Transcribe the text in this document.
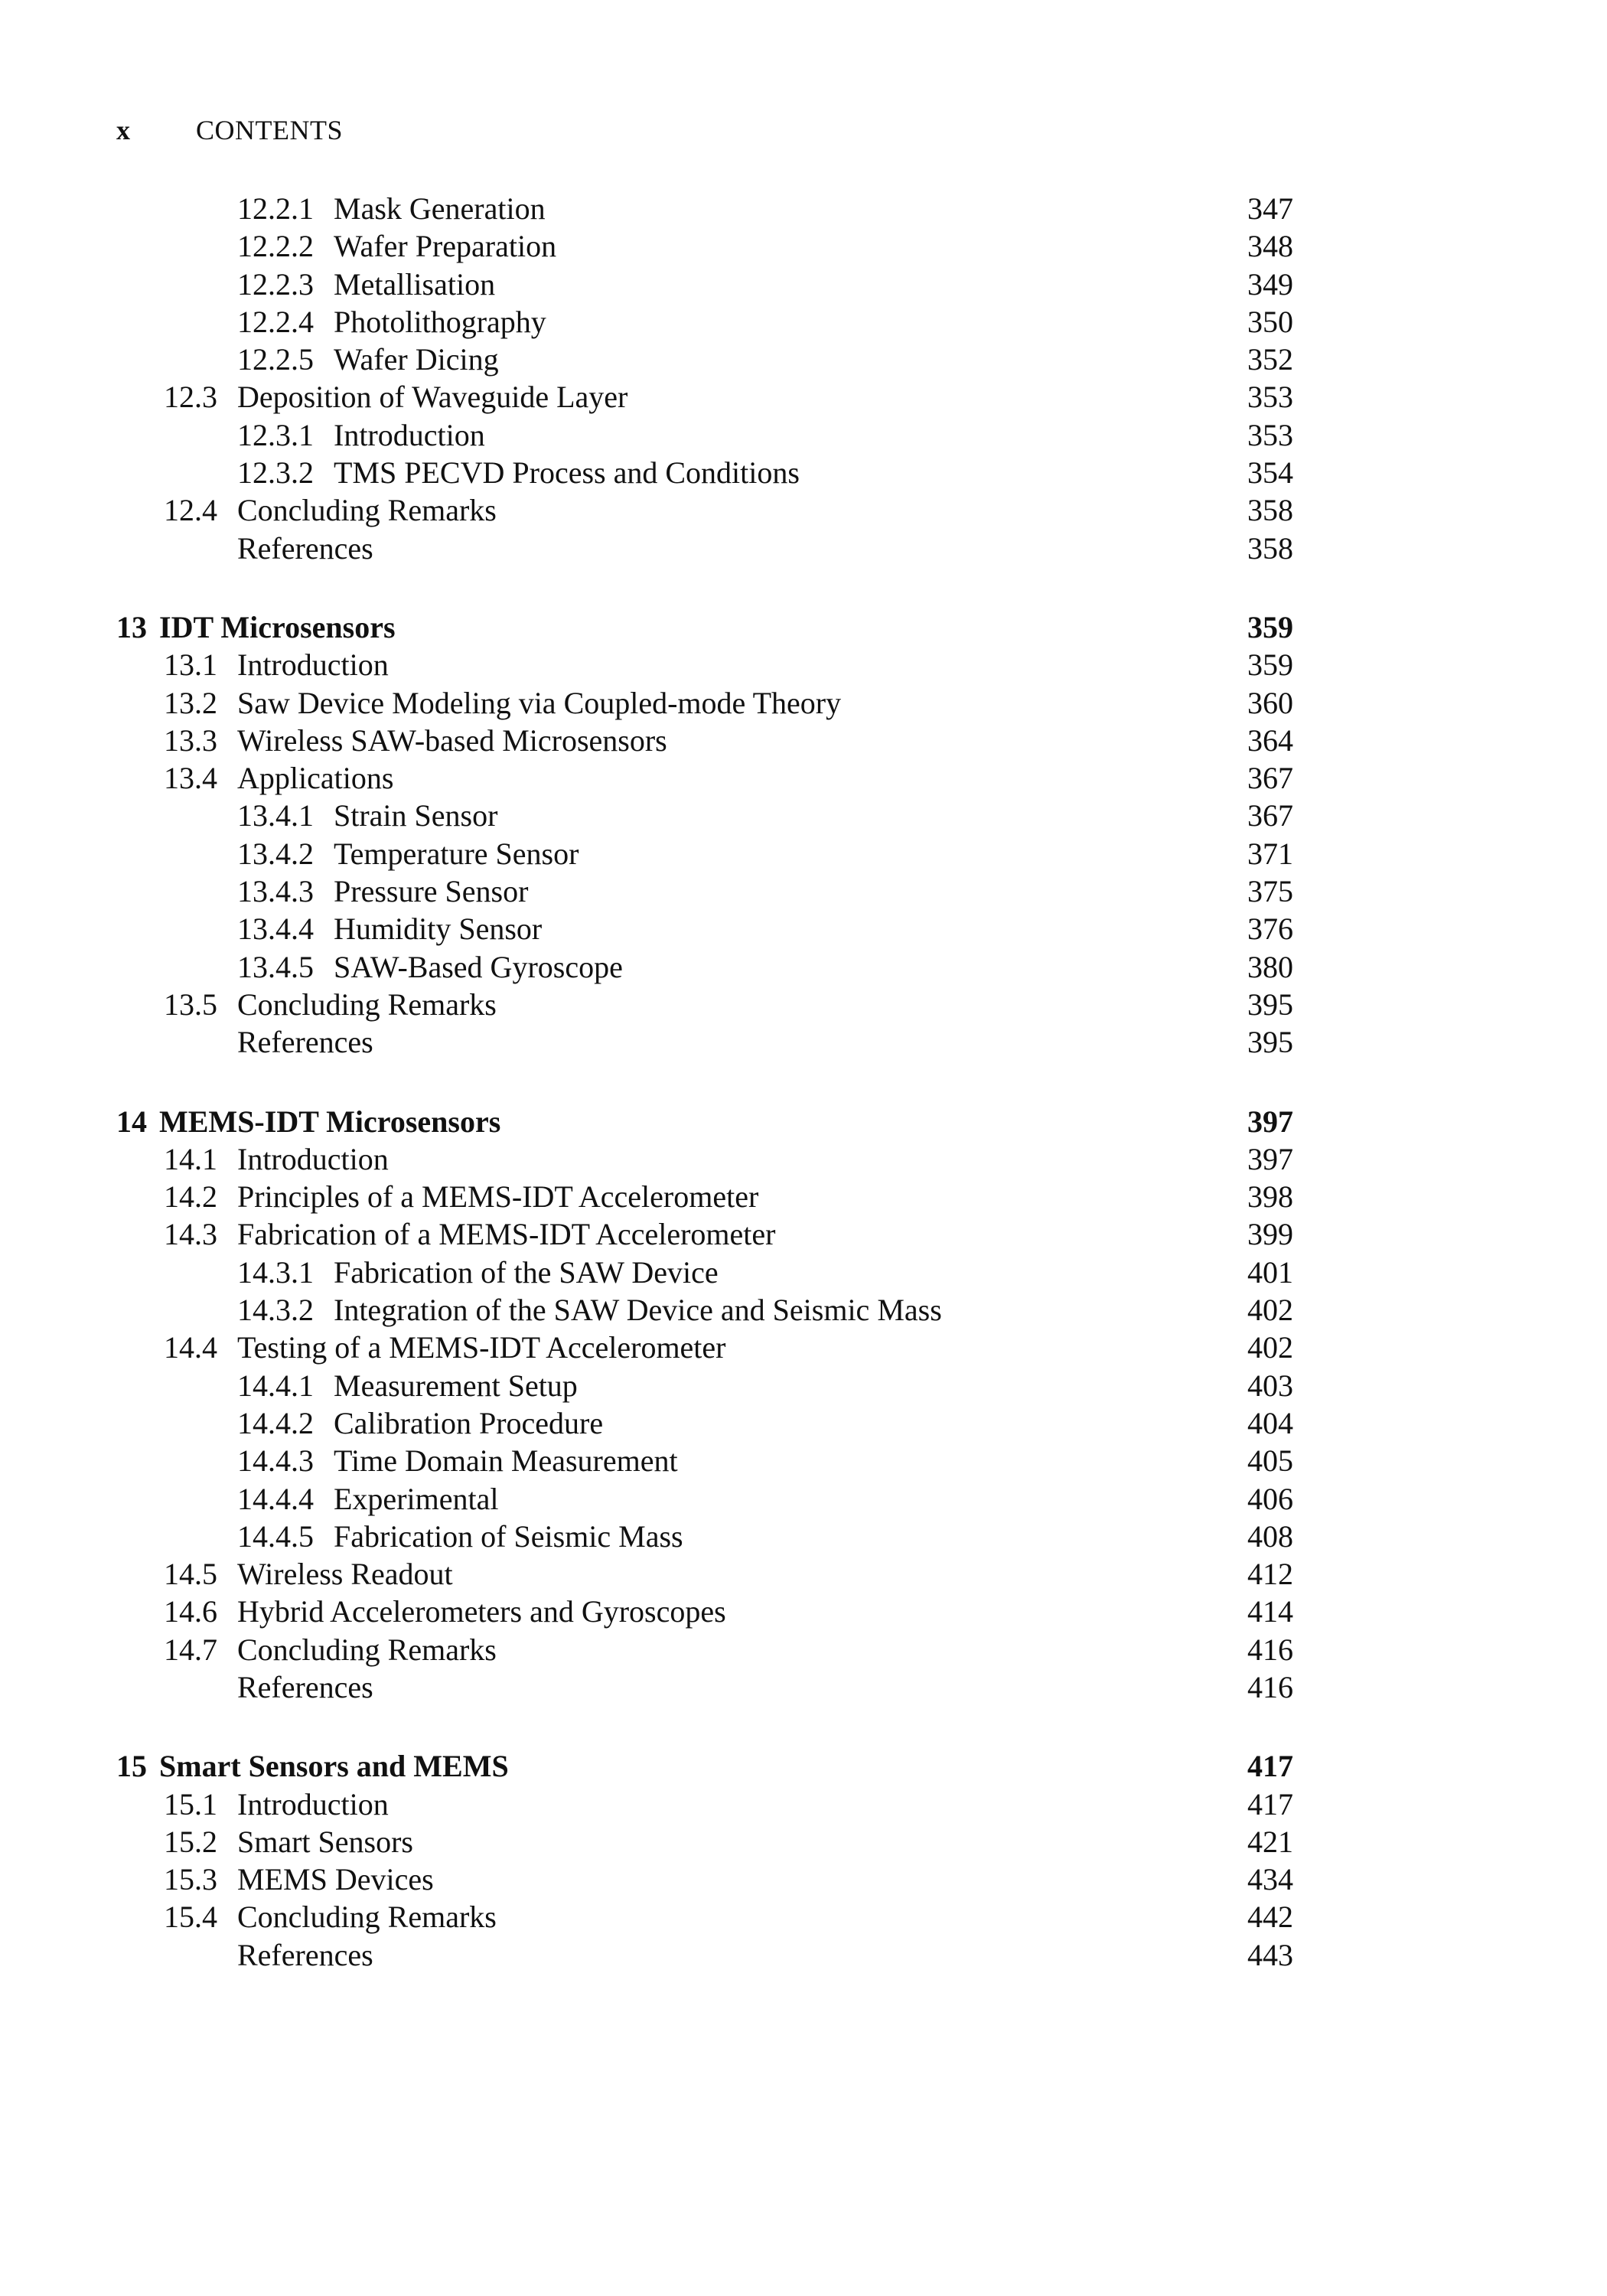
x CONTENTS
12.2.1 Mask Generation	347
12.2.2 Wafer Preparation	348
12.2.3 Metallisation	349
12.2.4 Photolithography	350
12.2.5 Wafer Dicing	352
12.3 Deposition of Waveguide Layer	353
12.3.1 Introduction	353
12.3.2 TMS PECVD Process and Conditions	354
12.4 Concluding Remarks	358
References	358
13 IDT Microsensors	359
13.1 Introduction	359
13.2 Saw Device Modeling via Coupled-mode Theory	360
13.3 Wireless SAW-based Microsensors	364
13.4 Applications	367
13.4.1 Strain Sensor	367
13.4.2 Temperature Sensor	371
13.4.3 Pressure Sensor	375
13.4.4 Humidity Sensor	376
13.4.5 SAW-Based Gyroscope	380
13.5 Concluding Remarks	395
References	395
14 MEMS-IDT Microsensors	397
14.1 Introduction	397
14.2 Principles of a MEMS-IDT Accelerometer	398
14.3 Fabrication of a MEMS-IDT Accelerometer	399
14.3.1 Fabrication of the SAW Device	401
14.3.2 Integration of the SAW Device and Seismic Mass	402
14.4 Testing of a MEMS-IDT Accelerometer	402
14.4.1 Measurement Setup	403
14.4.2 Calibration Procedure	404
14.4.3 Time Domain Measurement	405
14.4.4 Experimental	406
14.4.5 Fabrication of Seismic Mass	408
14.5 Wireless Readout	412
14.6 Hybrid Accelerometers and Gyroscopes	414
14.7 Concluding Remarks	416
References	416
15 Smart Sensors and MEMS	417
15.1 Introduction	417
15.2 Smart Sensors	421
15.3 MEMS Devices	434
15.4 Concluding Remarks	442
References	443
